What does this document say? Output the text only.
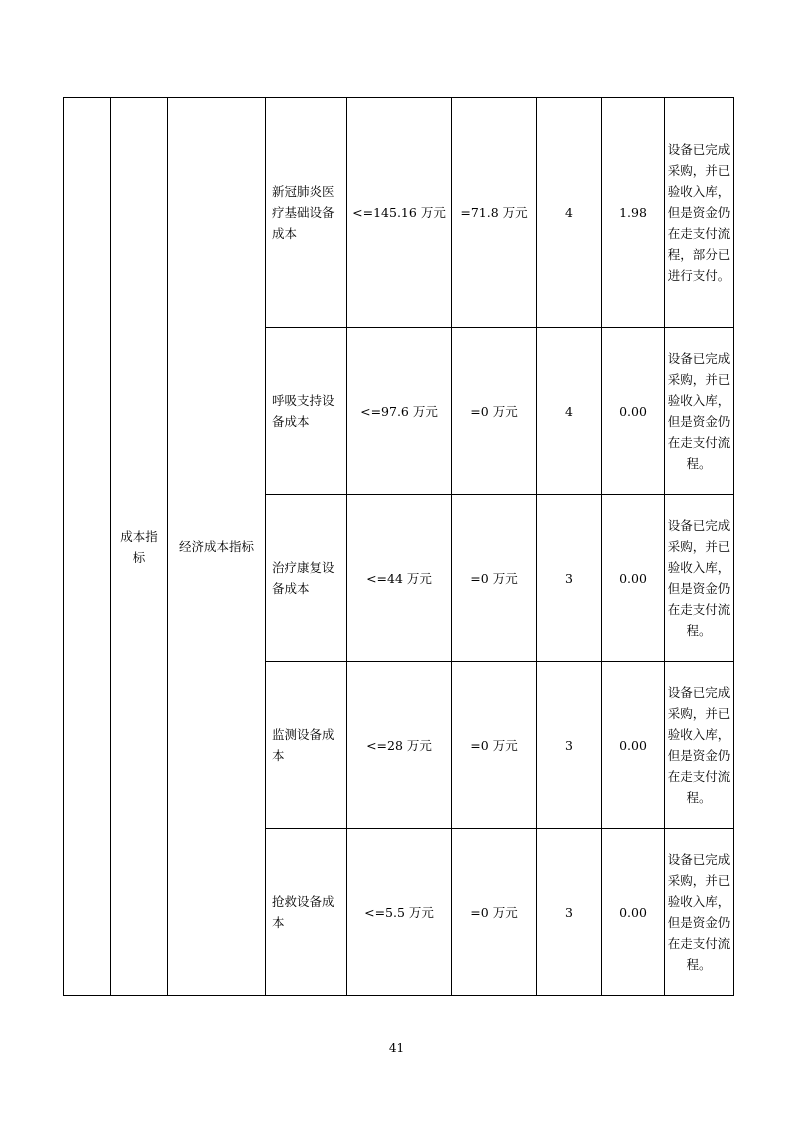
	成本指标	经济成本指标	新冠肺炎医疗基础设备成本	<=145.16 万元	=71.8 万元	4	1.98	设备已完成采购，并已验收入库，但是资金仍在走支付流程，部分已进行支付。
			呼吸支持设备成本	<=97.6 万元	=0 万元	4	0.00	设备已完成采购，并已验收入库，但是资金仍在走支付流程。
			治疗康复设备成本	<=44 万元	=0 万元	3	0.00	设备已完成采购，并已验收入库，但是资金仍在走支付流程。
			监测设备成本	<=28 万元	=0 万元	3	0.00	设备已完成采购，并已验收入库，但是资金仍在走支付流程。
			抢救设备成本	<=5.5 万元	=0 万元	3	0.00	设备已完成采购，并已验收入库，但是资金仍在走支付流程。
41
